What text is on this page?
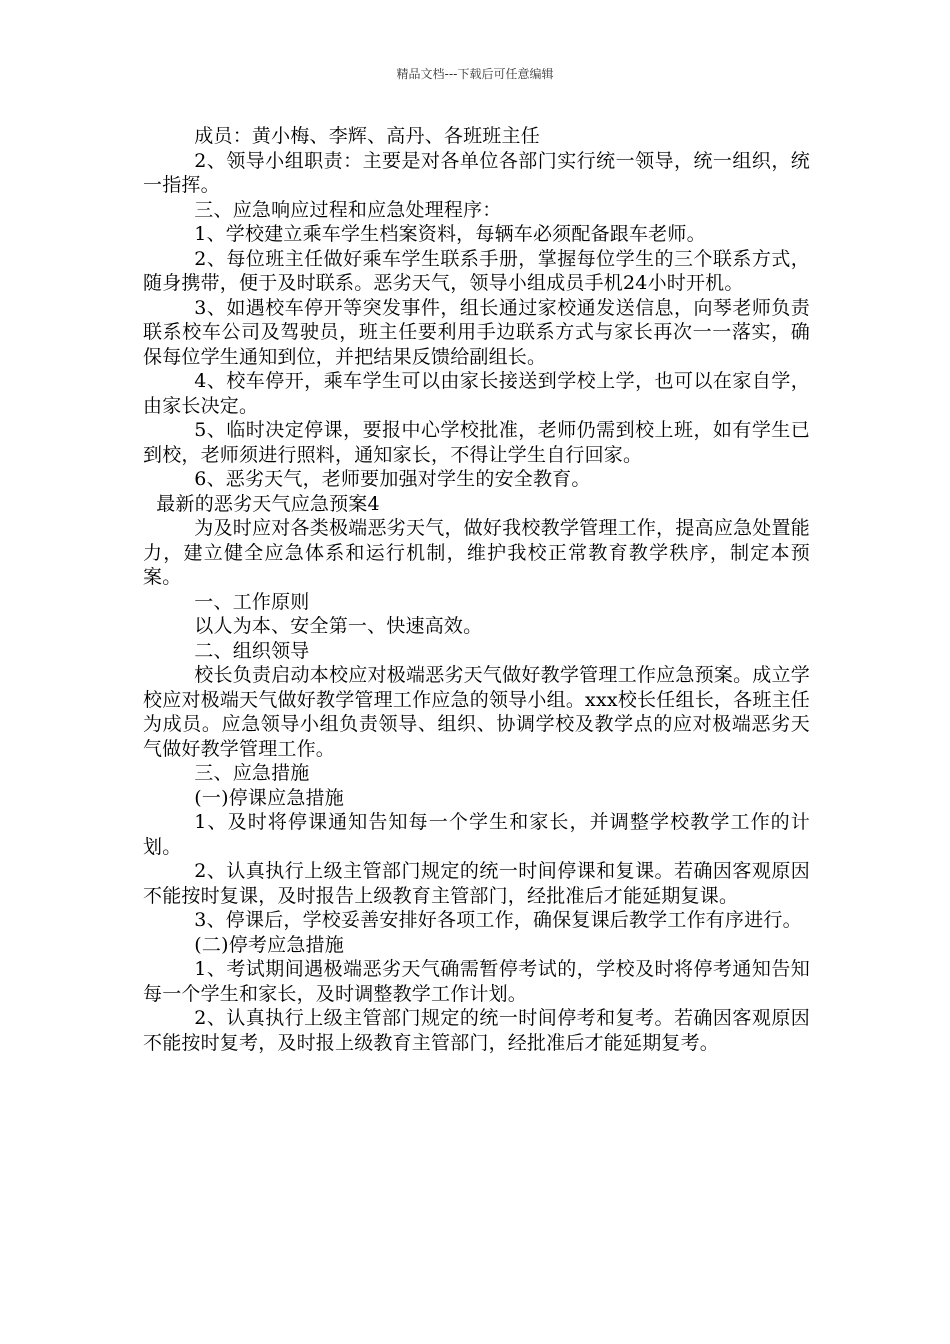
精品文档---下载后可任意编辑

成员：黄小梅、李辉、高丹、各班班主任

2、领导小组职责：主要是对各单位各部门实行统一领导，统一组织，统一指挥。

三、应急响应过程和应急处理程序：

1、学校建立乘车学生档案资料，每辆车必须配备跟车老师。

2、每位班主任做好乘车学生联系手册，掌握每位学生的三个联系方式，随身携带，便于及时联系。恶劣天气，领导小组成员手机24小时开机。

3、如遇校车停开等突发事件，组长通过家校通发送信息，向琴老师负责联系校车公司及驾驶员，班主任要利用手边联系方式与家长再次一一落实，确保每位学生通知到位，并把结果反馈给副组长。

4、校车停开，乘车学生可以由家长接送到学校上学，也可以在家自学，由家长决定。

5、临时决定停课，要报中心学校批准，老师仍需到校上班，如有学生已到校，老师须进行照料，通知家长，不得让学生自行回家。

6、恶劣天气，老师要加强对学生的安全教育。

最新的恶劣天气应急预案4

为及时应对各类极端恶劣天气，做好我校教学管理工作，提高应急处置能力，建立健全应急体系和运行机制，维护我校正常教育教学秩序，制定本预案。

一、工作原则

以人为本、安全第一、快速高效。

二、组织领导

校长负责启动本校应对极端恶劣天气做好教学管理工作应急预案。成立学校应对极端天气做好教学管理工作应急的领导小组。xxx校长任组长，各班主任为成员。应急领导小组负责领导、组织、协调学校及教学点的应对极端恶劣天气做好教学管理工作。

三、应急措施

(一)停课应急措施

1、及时将停课通知告知每一个学生和家长，并调整学校教学工作的计划。

2、认真执行上级主管部门规定的统一时间停课和复课。若确因客观原因不能按时复课，及时报告上级教育主管部门，经批准后才能延期复课。

3、停课后，学校妥善安排好各项工作，确保复课后教学工作有序进行。

(二)停考应急措施

1、考试期间遇极端恶劣天气确需暂停考试的，学校及时将停考通知告知每一个学生和家长，及时调整教学工作计划。

2、认真执行上级主管部门规定的统一时间停考和复考。若确因客观原因不能按时复考，及时报上级教育主管部门，经批准后才能延期复考。
